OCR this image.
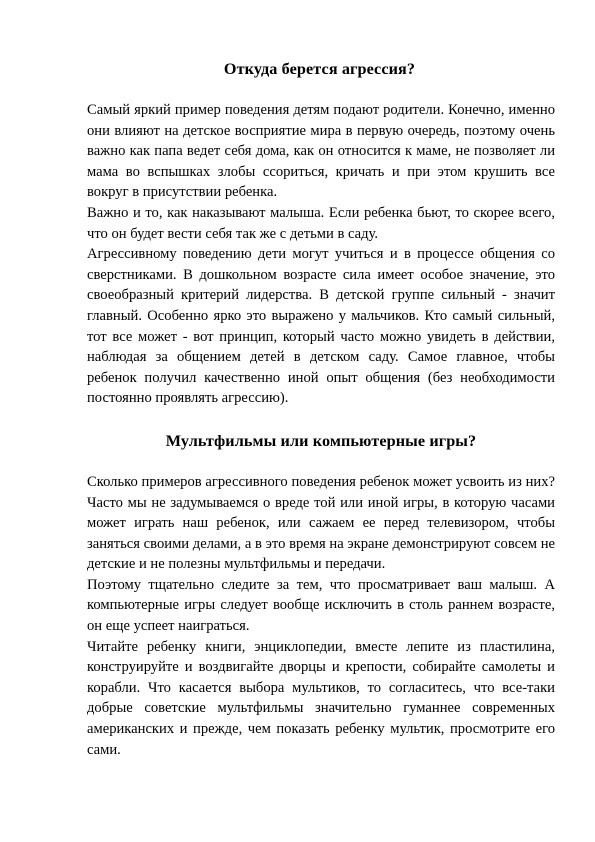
Откуда берется агрессия?

Самый яркий пример поведения детям подают родители. Конечно, именно они влияют на детское восприятие мира в первую очередь, поэтому очень важно как папа ведет себя дома, как он относится к маме, не позволяет ли мама во вспышках злобы ссориться, кричать и при этом крушить все вокруг в присутствии ребенка.

Важно и то, как наказывают малыша. Если ребенка бьют, то скорее всего, что он будет вести себя так же с детьми в саду.

Агрессивному поведению дети могут учиться и в процессе общения со сверстниками. В дошкольном возрасте сила имеет особое значение, это своеобразный критерий лидерства. В детской группе сильный - значит главный. Особенно ярко это выражено у мальчиков. Кто самый сильный, тот все может - вот принцип, который часто можно увидеть в действии, наблюдая за общением детей в детском саду. Самое главное, чтобы ребенок получил качественно иной опыт общения (без необходимости постоянно проявлять агрессию).

Мультфильмы или компьютерные игры?

Сколько примеров агрессивного поведения ребенок может усвоить из них? Часто мы не задумываемся о вреде той или иной игры, в которую часами может играть наш ребенок, или сажаем ее перед телевизором, чтобы заняться своими делами, а в это время на экране демонстрируют совсем не детские и не полезны мультфильмы и передачи.

Поэтому тщательно следите за тем, что просматривает ваш малыш. А компьютерные игры следует вообще исключить в столь раннем возрасте, он еще успеет наиграться.

Читайте ребенку книги, энциклопедии, вместе лепите из пластилина, конструируйте и воздвигайте дворцы и крепости, собирайте самолеты и корабли. Что касается выбора мультиков, то согласитесь, что все-таки добрые советские мультфильмы значительно гуманнее современных американских и прежде, чем показать ребенку мультик, просмотрите его сами.
